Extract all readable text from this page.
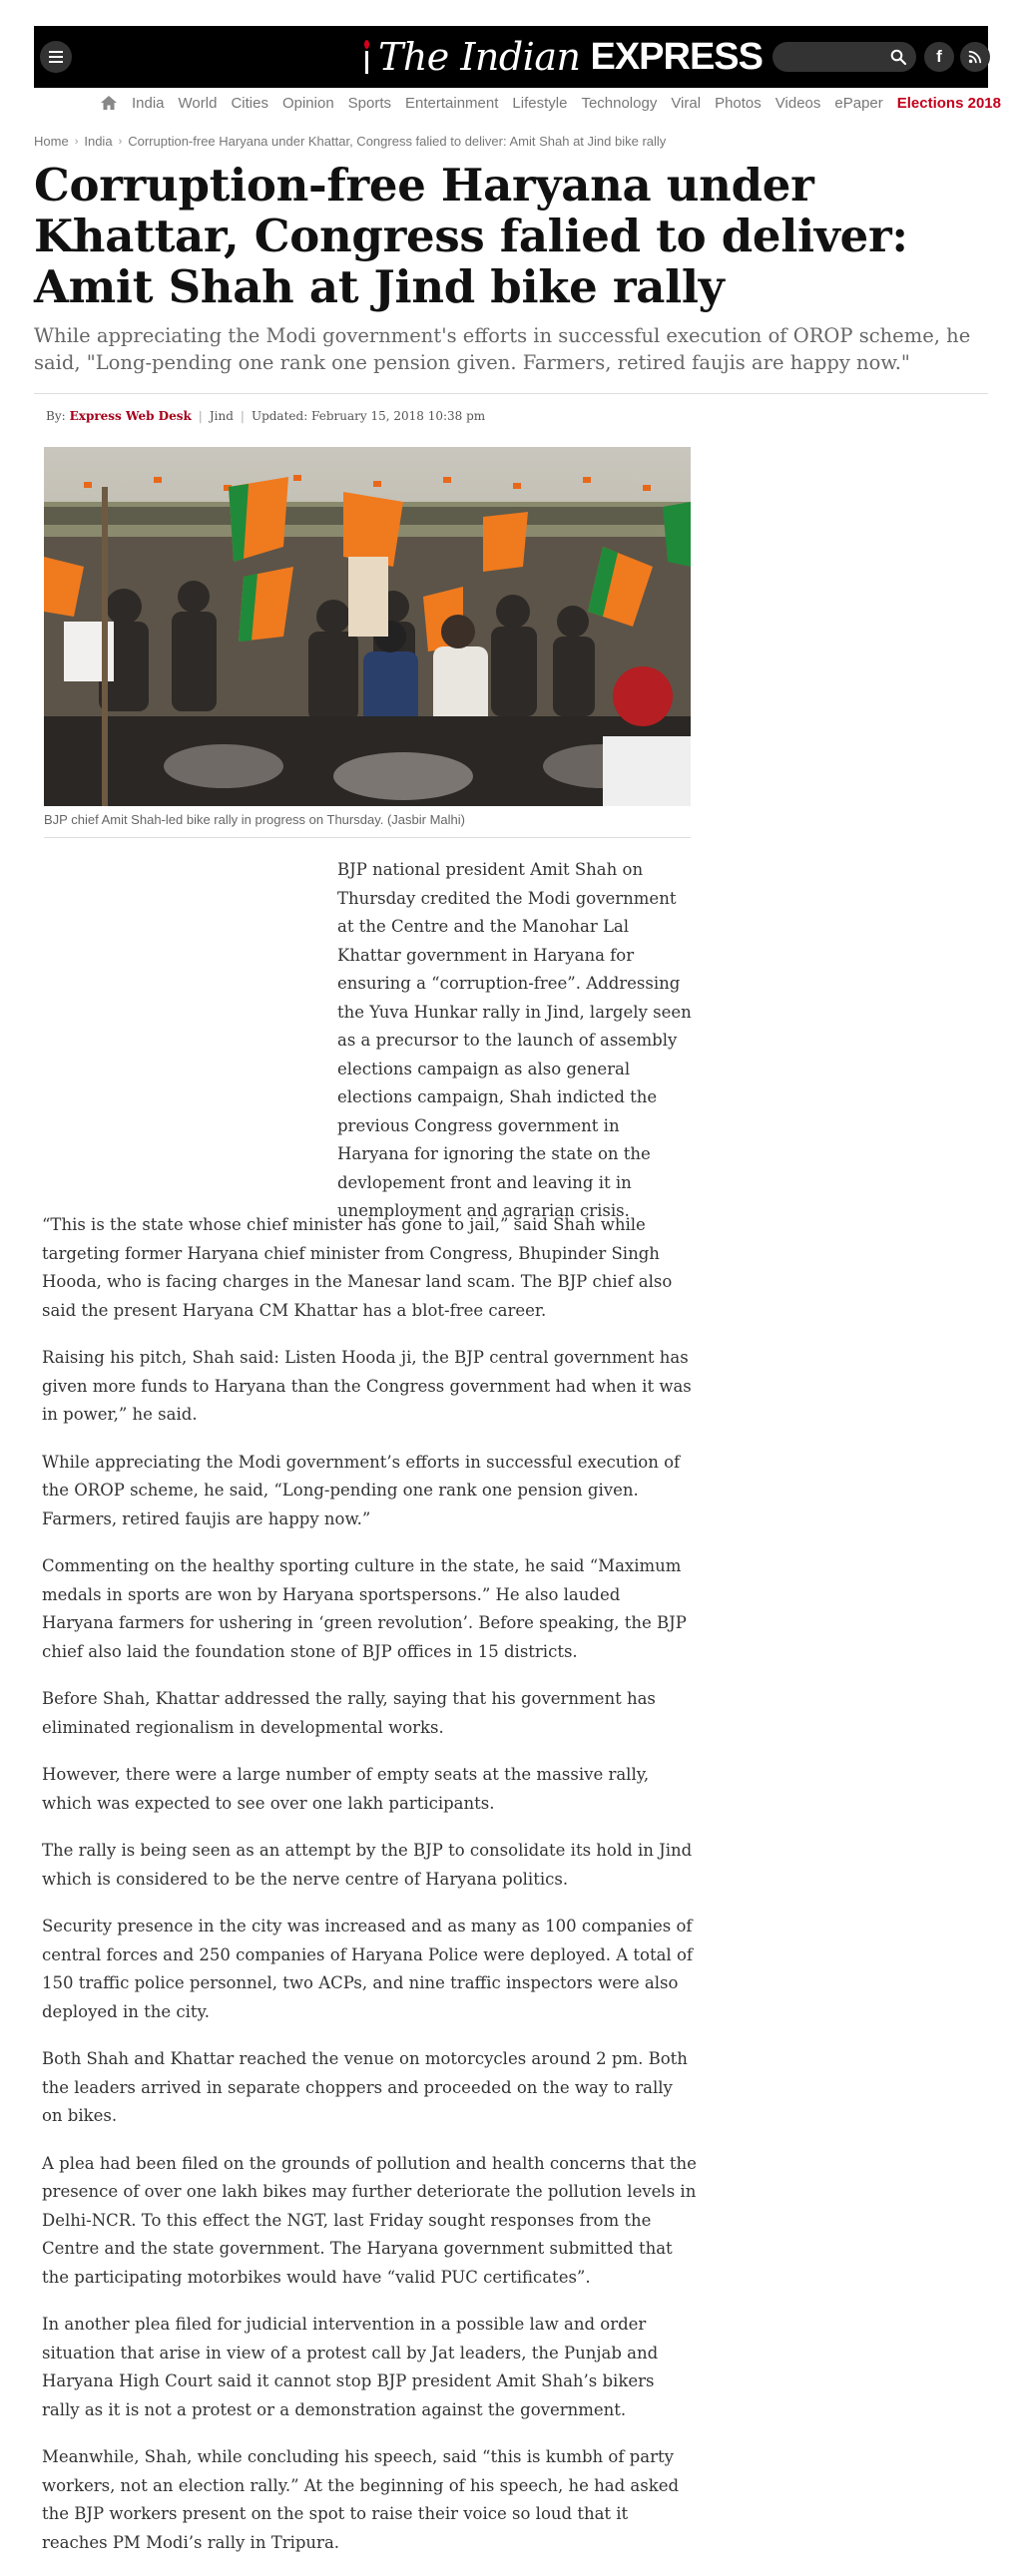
The Indian EXPRESS	f
India World Cities Opinion Sports Entertainment Lifestyle Technology Viral Photos Videos ePaper Elections 2018
Home › India › Corruption-free Haryana under Khattar, Congress falied to deliver: Amit Shah at Jind bike rally
Corruption-free Haryana under Khattar, Congress falied to deliver: Amit Shah at Jind bike rally
While appreciating the Modi government's efforts in successful execution of OROP scheme, he said, "Long-pending one rank one pension given. Farmers, retired faujis are happy now."
By: Express Web Desk | Jind | Updated: February 15, 2018 10:38 pm
BJP chief Amit Shah-led bike rally in progress on Thursday. (Jasbir Malhi)

BJP national president Amit Shah on Thursday credited the Modi government at the Centre and the Manohar Lal Khattar government in Haryana for ensuring a “corruption-free”. Addressing the Yuva Hunkar rally in Jind, largely seen as a precursor to the launch of assembly elections campaign as also general elections campaign, Shah indicted the previous Congress government in Haryana for ignoring the state on the devlopement front and leaving it in unemployment and agrarian crisis.

“This is the state whose chief minister has gone to jail,” said Shah while targeting former Haryana chief minister from Congress, Bhupinder Singh Hooda, who is facing charges in the Manesar land scam. The BJP chief also said the present Haryana CM Khattar has a blot-free career.

Raising his pitch, Shah said: Listen Hooda ji, the BJP central government has given more funds to Haryana than the Congress government had when it was in power,” he said.

While appreciating the Modi government’s efforts in successful execution of the OROP scheme, he said, “Long-pending one rank one pension given. Farmers, retired faujis are happy now.”

Commenting on the healthy sporting culture in the state, he said “Maximum medals in sports are won by Haryana sportspersons.” He also lauded Haryana farmers for ushering in ‘green revolution’. Before speaking, the BJP chief also laid the foundation stone of BJP offices in 15 districts.

Before Shah, Khattar addressed the rally, saying that his government has eliminated regionalism in developmental works.

However, there were a large number of empty seats at the massive rally, which was expected to see over one lakh participants.

The rally is being seen as an attempt by the BJP to consolidate its hold in Jind which is considered to be the nerve centre of Haryana politics.

Security presence in the city was increased and as many as 100 companies of central forces and 250 companies of Haryana Police were deployed. A total of 150 traffic police personnel, two ACPs, and nine traffic inspectors were also deployed in the city.

Both Shah and Khattar reached the venue on motorcycles around 2 pm. Both the leaders arrived in separate choppers and proceeded on the way to rally on bikes.

A plea had been filed on the grounds of pollution and health concerns that the presence of over one lakh bikes may further deteriorate the pollution levels in Delhi-NCR. To this effect the NGT, last Friday sought responses from the Centre and the state government. The Haryana government submitted that the participating motorbikes would have “valid PUC certificates”.

In another plea filed for judicial intervention in a possible law and order situation that arise in view of a protest call by Jat leaders, the Punjab and Haryana High Court said it cannot stop BJP president Amit Shah’s bikers rally as it is not a protest or a demonstration against the government.

Meanwhile, Shah, while concluding his speech, said “this is kumbh of party workers, not an election rally.” At the beginning of his speech, he had asked the BJP workers present on the spot to raise their voice so loud that it reaches PM Modi’s rally in Tripura.
